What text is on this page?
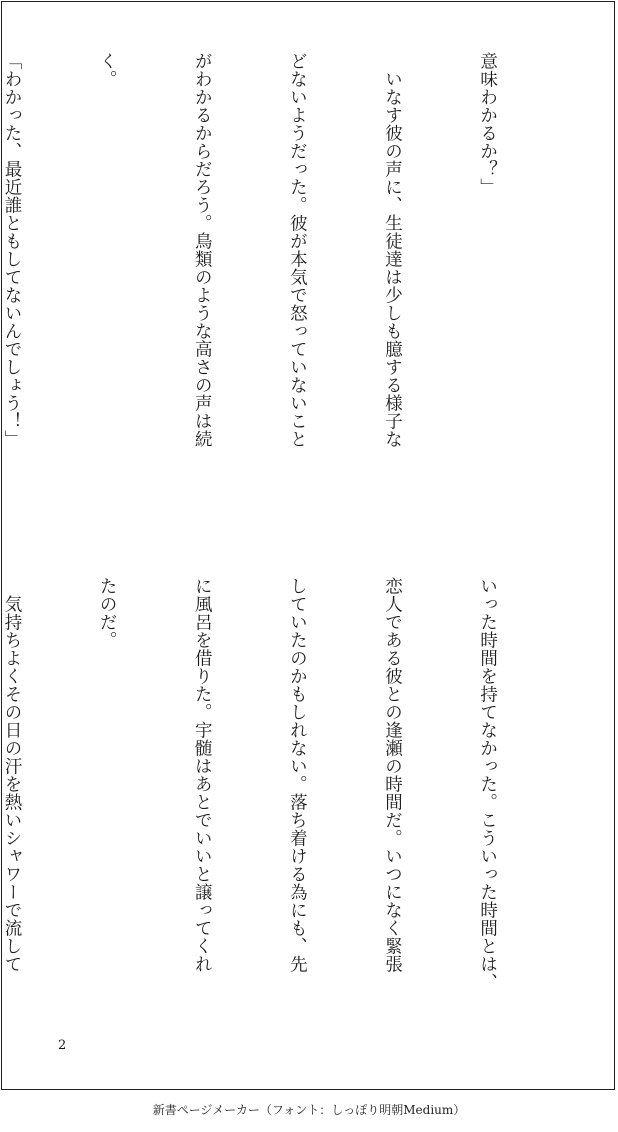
意味わかるか？」

　いなす彼の声に、生徒達は少しも臆する様子な

どないようだった。彼が本気で怒っていないこと

がわかるからだろう。鳥類のような高さの声は続

く。

「わかった、最近誰ともしてないんでしょう！」

いった時間を持てなかった。こういった時間とは、

恋人である彼との逢瀬の時間だ。いつになく緊張

していたのかもしれない。落ち着ける為にも、先

に風呂を借りた。宇髄はあとでいいと譲ってくれ

たのだ。

　気持ちよくその日の汗を熱いシャワーで流して

2
新書ページメーカー（フォント：しっぽり明朝Medium）
